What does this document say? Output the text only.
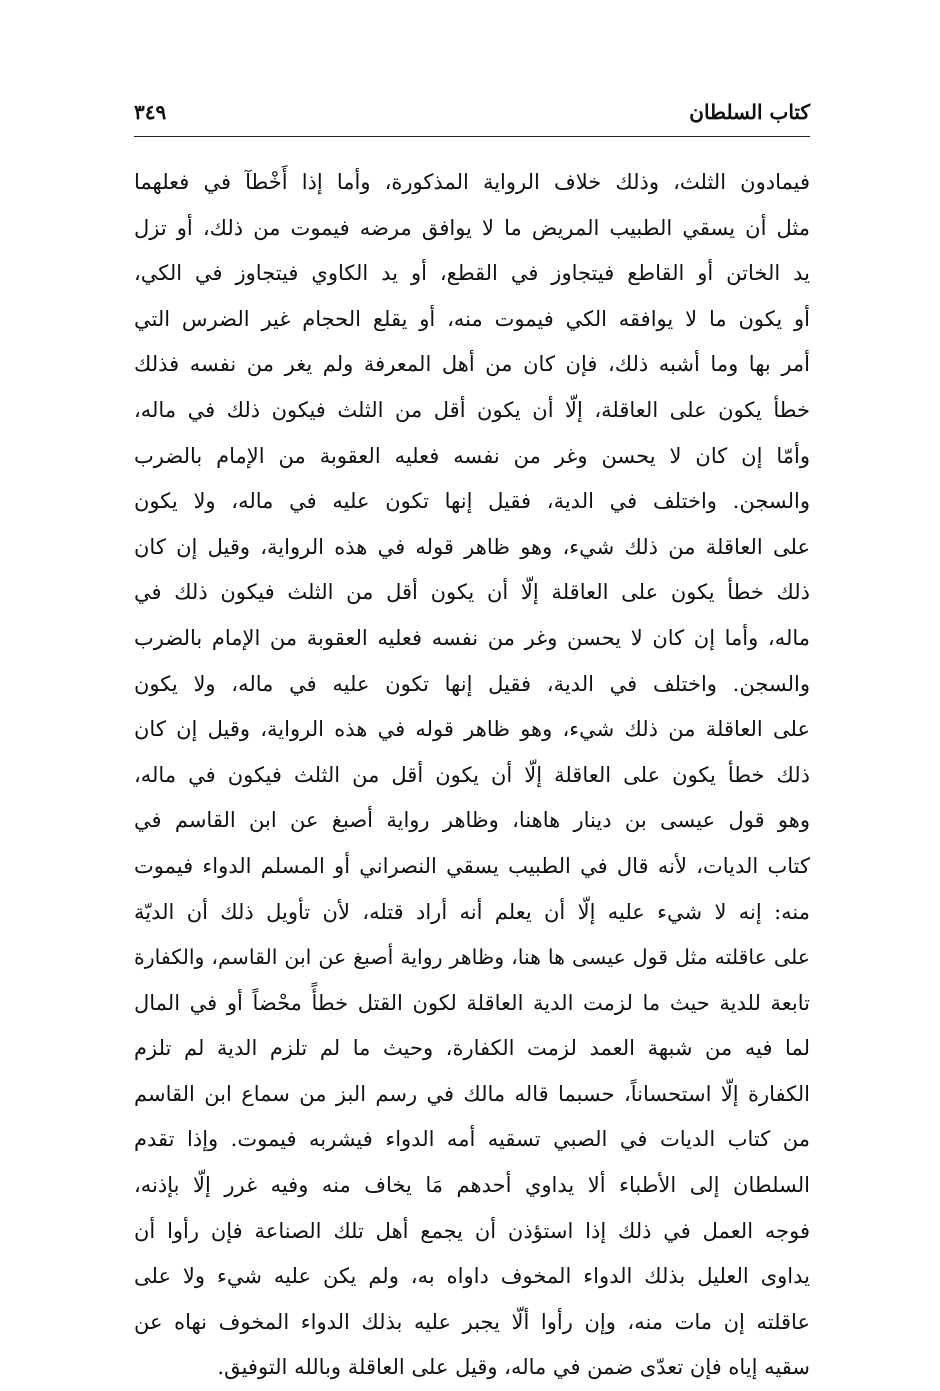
كتاب السلطان
٣٤٩
فيمادون الثلث، وذلك خلاف الرواية المذكورة، وأما إذا أَخْطآ في فعلهما
مثل أن يسقي الطبيب المريض ما لا يوافق مرضه فيموت من ذلك، أو تزل
يد الخاتن أو القاطع فيتجاوز في القطع، أو يد الكاوي فيتجاوز في الكي،
أو يكون ما لا يوافقه الكي فيموت منه، أو يقلع الحجام غير الضرس التي
أمر بها وما أشبه ذلك، فإن كان من أهل المعرفة ولم يغر من نفسه فذلك
خطأ يكون على العاقلة، إلّا أن يكون أقل من الثلث فيكون ذلك في ماله،
وأمّا إن كان لا يحسن وغر من نفسه فعليه العقوبة من الإمام بالضرب
والسجن. واختلف في الدية، فقيل إنها تكون عليه في ماله، ولا يكون
على العاقلة من ذلك شيء، وهو ظاهر قوله في هذه الرواية، وقيل إن كان
ذلك خطأ يكون على العاقلة إلّا أن يكون أقل من الثلث فيكون ذلك في
ماله، وأما إن كان لا يحسن وغر من نفسه فعليه العقوبة من الإمام بالضرب
والسجن. واختلف في الدية، فقيل إنها تكون عليه في ماله، ولا يكون
على العاقلة من ذلك شيء، وهو ظاهر قوله في هذه الرواية، وقيل إن كان
ذلك خطأ يكون على العاقلة إلّا أن يكون أقل من الثلث فيكون في ماله،
وهو قول عيسى بن دينار هاهنا، وظاهر رواية أصبغ عن ابن القاسم في
كتاب الديات، لأنه قال في الطبيب يسقي النصراني أو المسلم الدواء فيموت
منه: إنه لا شيء عليه إلّا أن يعلم أنه أراد قتله، لأن تأويل ذلك أن الديّة
على عاقلته مثل قول عيسى ها هنا، وظاهر رواية أصبغ عن ابن القاسم، والكفارة
تابعة للدية حيث ما لزمت الدية العاقلة لكون القتل خطأً محْضاً أو في المال
لما فيه من شبهة العمد لزمت الكفارة، وحيث ما لم تلزم الدية لم تلزم
الكفارة إلّا استحساناً، حسبما قاله مالك في رسم البز من سماع ابن القاسم
من كتاب الديات في الصبي تسقيه أمه الدواء فيشربه فيموت. وإذا تقدم
السلطان إلى الأطباء ألا يداوي أحدهم مَا يخاف منه وفيه غرر إلّا بإذنه،
فوجه العمل في ذلك إذا استؤذن أن يجمع أهل تلك الصناعة فإن رأوا أن
يداوى العليل بذلك الدواء المخوف داواه به، ولم يكن عليه شيء ولا على
عاقلته إن مات منه، وإن رأوا ألّا يجبر عليه بذلك الدواء المخوف نهاه عن
سقيه إياه فإن تعدّى ضمن في ماله، وقيل على العاقلة وبالله التوفيق.
